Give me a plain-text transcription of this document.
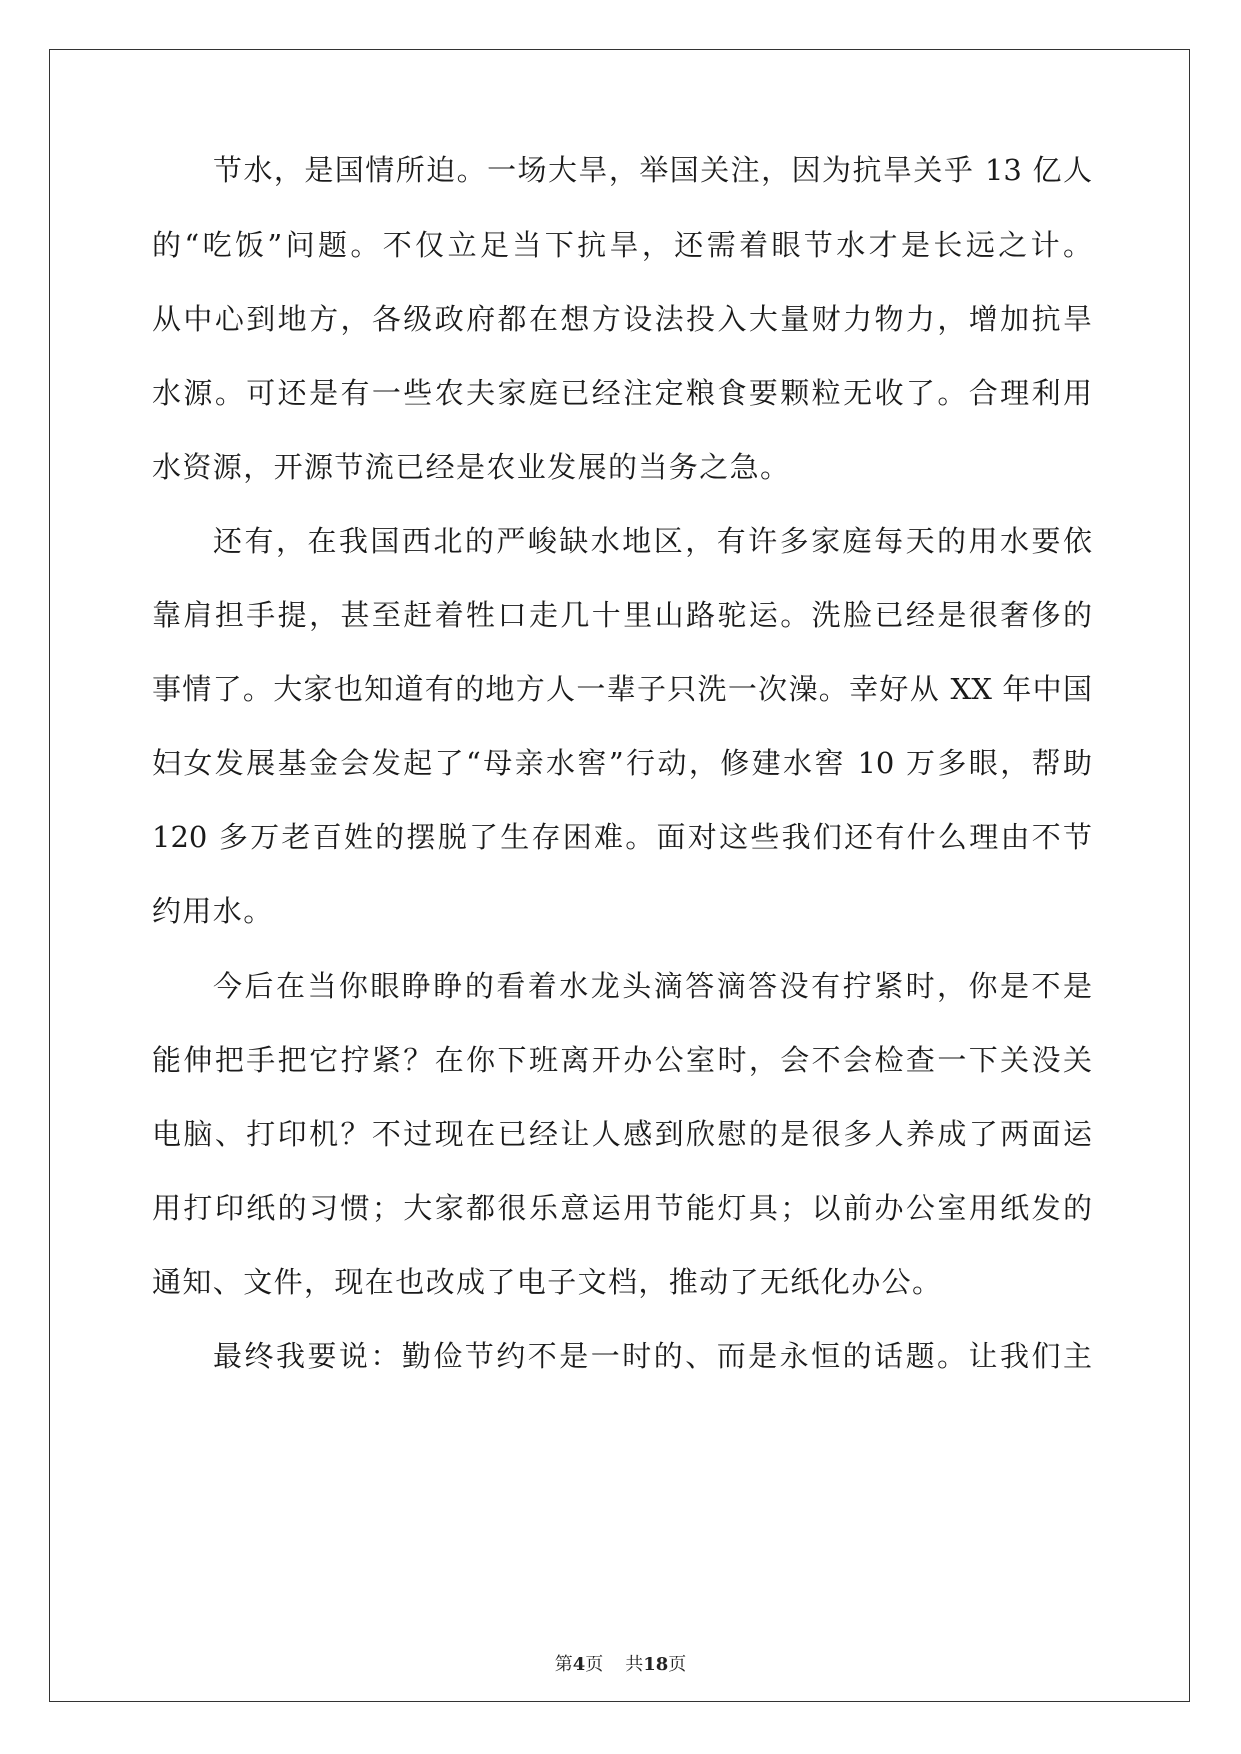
节水，是国情所迫。一场大旱，举国关注，因为抗旱关乎 13 亿人
的“吃饭”问题。不仅立足当下抗旱，还需着眼节水才是长远之计。
从中心到地方，各级政府都在想方设法投入大量财力物力，增加抗旱
水源。可还是有一些农夫家庭已经注定粮食要颗粒无收了。合理利用
水资源，开源节流已经是农业发展的当务之急。
还有，在我国西北的严峻缺水地区，有许多家庭每天的用水要依
靠肩担手提，甚至赶着牲口走几十里山路驼运。洗脸已经是很奢侈的
事情了。大家也知道有的地方人一辈子只洗一次澡。幸好从 XX 年中国
妇女发展基金会发起了“母亲水窖”行动，修建水窖 10 万多眼，帮助
120 多万老百姓的摆脱了生存困难。面对这些我们还有什么理由不节
约用水。
今后在当你眼睁睁的看着水龙头滴答滴答没有拧紧时，你是不是
能伸把手把它拧紧？在你下班离开办公室时，会不会检查一下关没关
电脑、打印机？不过现在已经让人感到欣慰的是很多人养成了两面运
用打印纸的习惯；大家都很乐意运用节能灯具；以前办公室用纸发的
通知、文件，现在也改成了电子文档，推动了无纸化办公。
最终我要说：勤俭节约不是一时的、而是永恒的话题。让我们主
第4页 共18页
